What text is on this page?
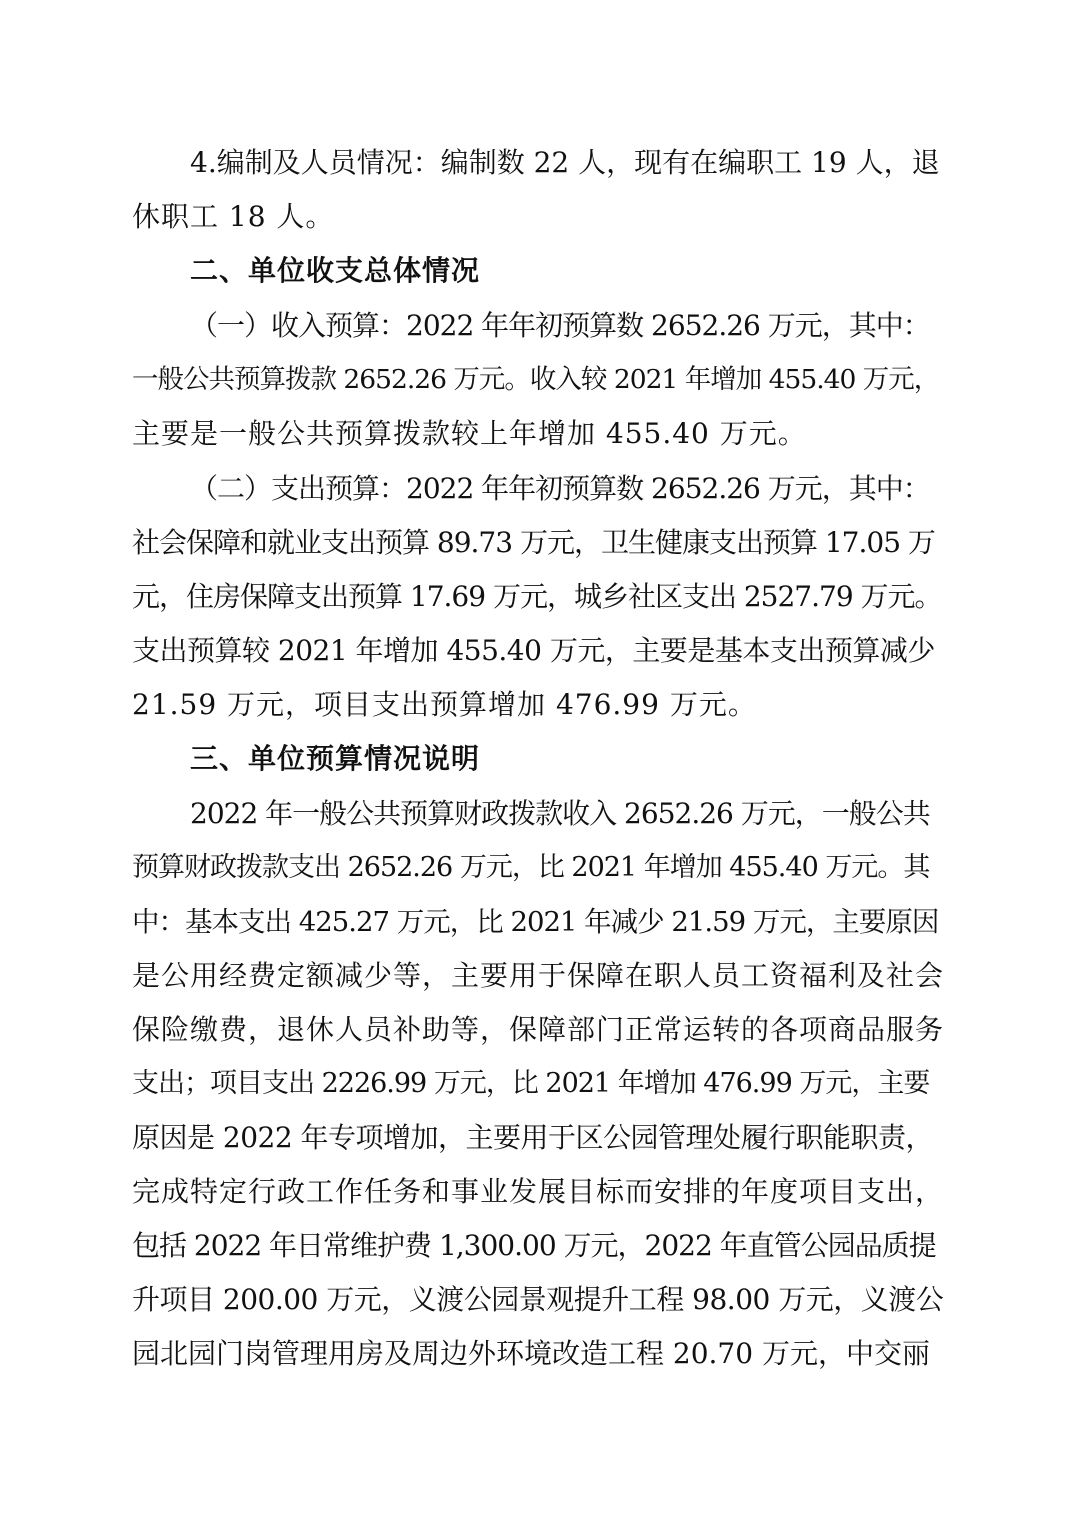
4.编制及人员情况：编制数 22 人，现有在编职工 19 人，退
休职工 18 人。
二、单位收支总体情况
（一）收入预算：2022 年年初预算数 2652.26 万元，其中：
一般公共预算拨款 2652.26 万元。收入较 2021 年增加 455.40 万元，
主要是一般公共预算拨款较上年增加 455.40 万元。
（二）支出预算：2022 年年初预算数 2652.26 万元，其中：
社会保障和就业支出预算 89.73 万元，卫生健康支出预算 17.05 万
元，住房保障支出预算 17.69 万元，城乡社区支出 2527.79 万元。
支出预算较 2021 年增加 455.40 万元，主要是基本支出预算减少
21.59 万元，项目支出预算增加 476.99 万元。
三、单位预算情况说明
2022 年一般公共预算财政拨款收入 2652.26 万元，一般公共
预算财政拨款支出 2652.26 万元，比 2021 年增加 455.40 万元。其
中：基本支出 425.27 万元，比 2021 年减少 21.59 万元，主要原因
是公用经费定额减少等，主要用于保障在职人员工资福利及社会
保险缴费，退休人员补助等，保障部门正常运转的各项商品服务
支出；项目支出 2226.99 万元，比 2021 年增加 476.99 万元，主要
原因是 2022 年专项增加，主要用于区公园管理处履行职能职责，
完成特定行政工作任务和事业发展目标而安排的年度项目支出，
包括 2022 年日常维护费 1,300.00 万元，2022 年直管公园品质提
升项目 200.00 万元，义渡公园景观提升工程 98.00 万元，义渡公
园北园门岗管理用房及周边外环境改造工程 20.70 万元，中交丽
